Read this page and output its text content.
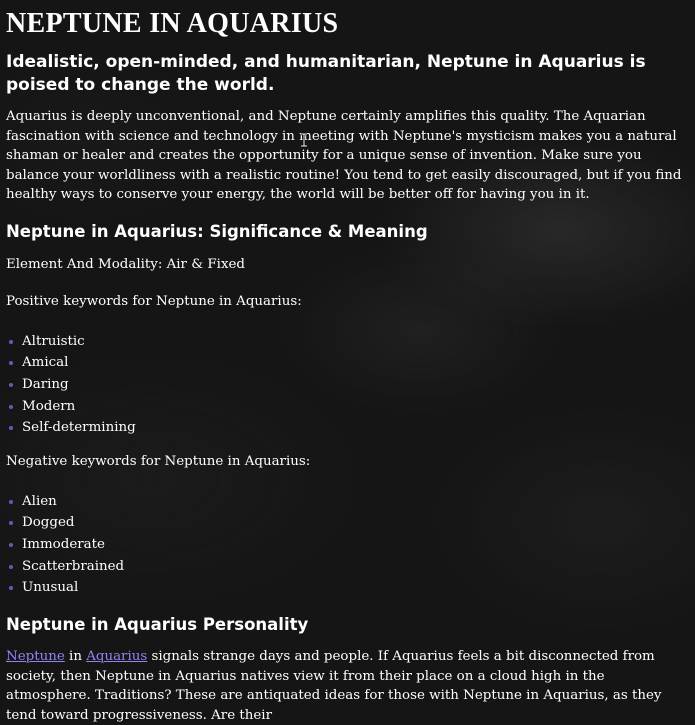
NEPTUNE IN AQUARIUS
Idealistic, open-minded, and humanitarian, Neptune in Aquarius is poised to change the world.

Aquarius is deeply unconventional, and Neptune certainly amplifies this quality. The Aquarian fascination with science and technology in meeting with Neptune's mysticism makes you a natural shaman or healer and creates the opportunity for a unique sense of invention. Make sure you balance your worldliness with a realistic routine! You tend to get easily discouraged, but if you find healthy ways to conserve your energy, the world will be better off for having you in it.

Neptune in Aquarius: Significance & Meaning

Element And Modality: Air & Fixed

Positive keywords for Neptune in Aquarius:

Altruistic
Amical
Daring
Modern
Self-determining

Negative keywords for Neptune in Aquarius:

Alien
Dogged
Immoderate
Scatterbrained
Unusual
Neptune in Aquarius Personality

Neptune in Aquarius signals strange days and people. If Aquarius feels a bit disconnected from society, then Neptune in Aquarius natives view it from their place on a cloud high in the atmosphere. Traditions? These are antiquated ideas for those with Neptune in Aquarius, as they tend toward progressiveness. Are their
